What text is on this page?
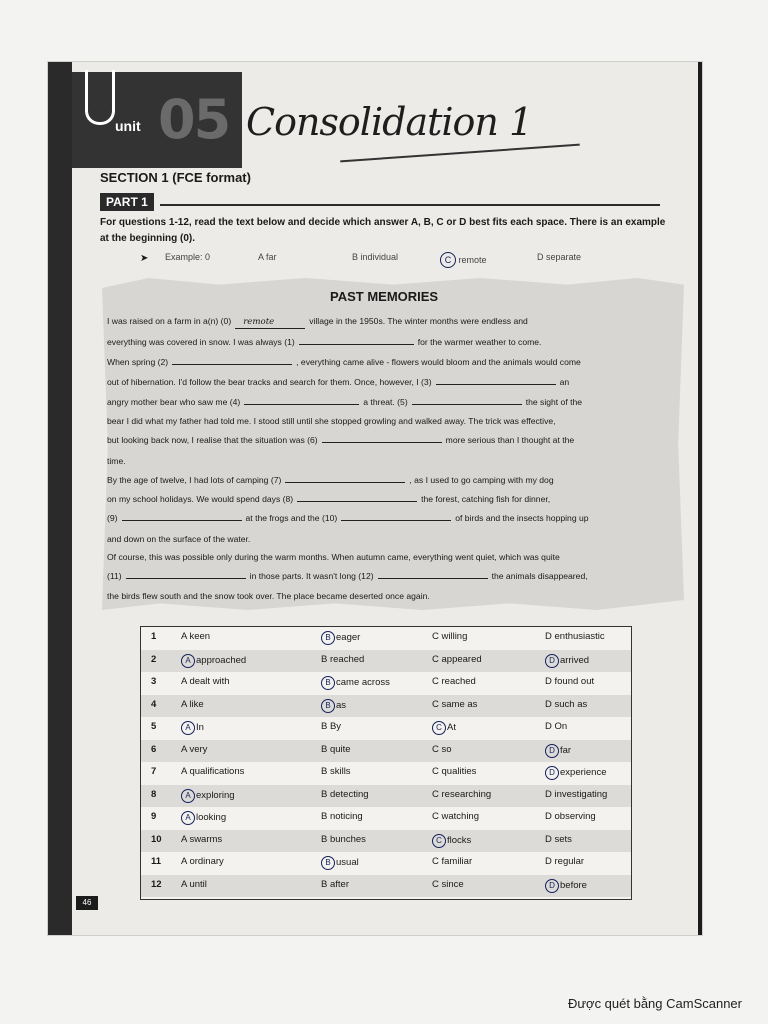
unit 05 Consolidation 1
SECTION 1 (FCE format)
PART 1
For questions 1-12, read the text below and decide which answer A, B, C or D best fits each space. There is an example at the beginning (0).
➤ Example: 0	A far	B individual	C remote	D separate
PAST MEMORIES
I was raised on a farm in a(n) (0) remote	village in the 1950s. The winter months were endless and
everything was covered in snow. I was always (1)	for the warmer weather to come.
When spring (2)	, everything came alive - flowers would bloom and the animals would come
out of hibernation. I'd follow the bear tracks and search for them. Once, however, I (3)	an
angry mother bear who saw me (4)	a threat. (5)	the sight of the
bear I did what my father had told me. I stood still until she stopped growling and walked away. The trick was effective,
but looking back now, I realise that the situation was (6)	more serious than I thought at the
time.
By the age of twelve, I had lots of camping (7)	, as I used to go camping with my dog
on my school holidays. We would spend days (8)	the forest, catching fish for dinner,
(9)	at the frogs and the (10)	of birds and the insects hopping up
and down on the surface of the water.
Of course, this was possible only during the warm months. When autumn came, everything went quiet, which was quite
(11)	in those parts. It wasn't long (12)	the animals disappeared,
the birds flew south and the snow took over. The place became deserted once again.
1	A keen	B eager	C willing	D enthusiastic
2	A approached	B reached	C appeared	D arrived
3	A dealt with	B came across	C reached	D found out
4	A like	B as	C same as	D such as
5	A In	B By	C At	D On
6	A very	B quite	C so	D far
7	A qualifications	B skills	C qualities	D experience
8	A exploring	B detecting	C researching	D investigating
9	A looking	B noticing	C watching	D observing
10 A swarms	B bunches	C flocks	D sets
11 A ordinary	B usual	C familiar	D regular
12 A until	B after	C since	D before
46
Được quét bằng CamScanner
